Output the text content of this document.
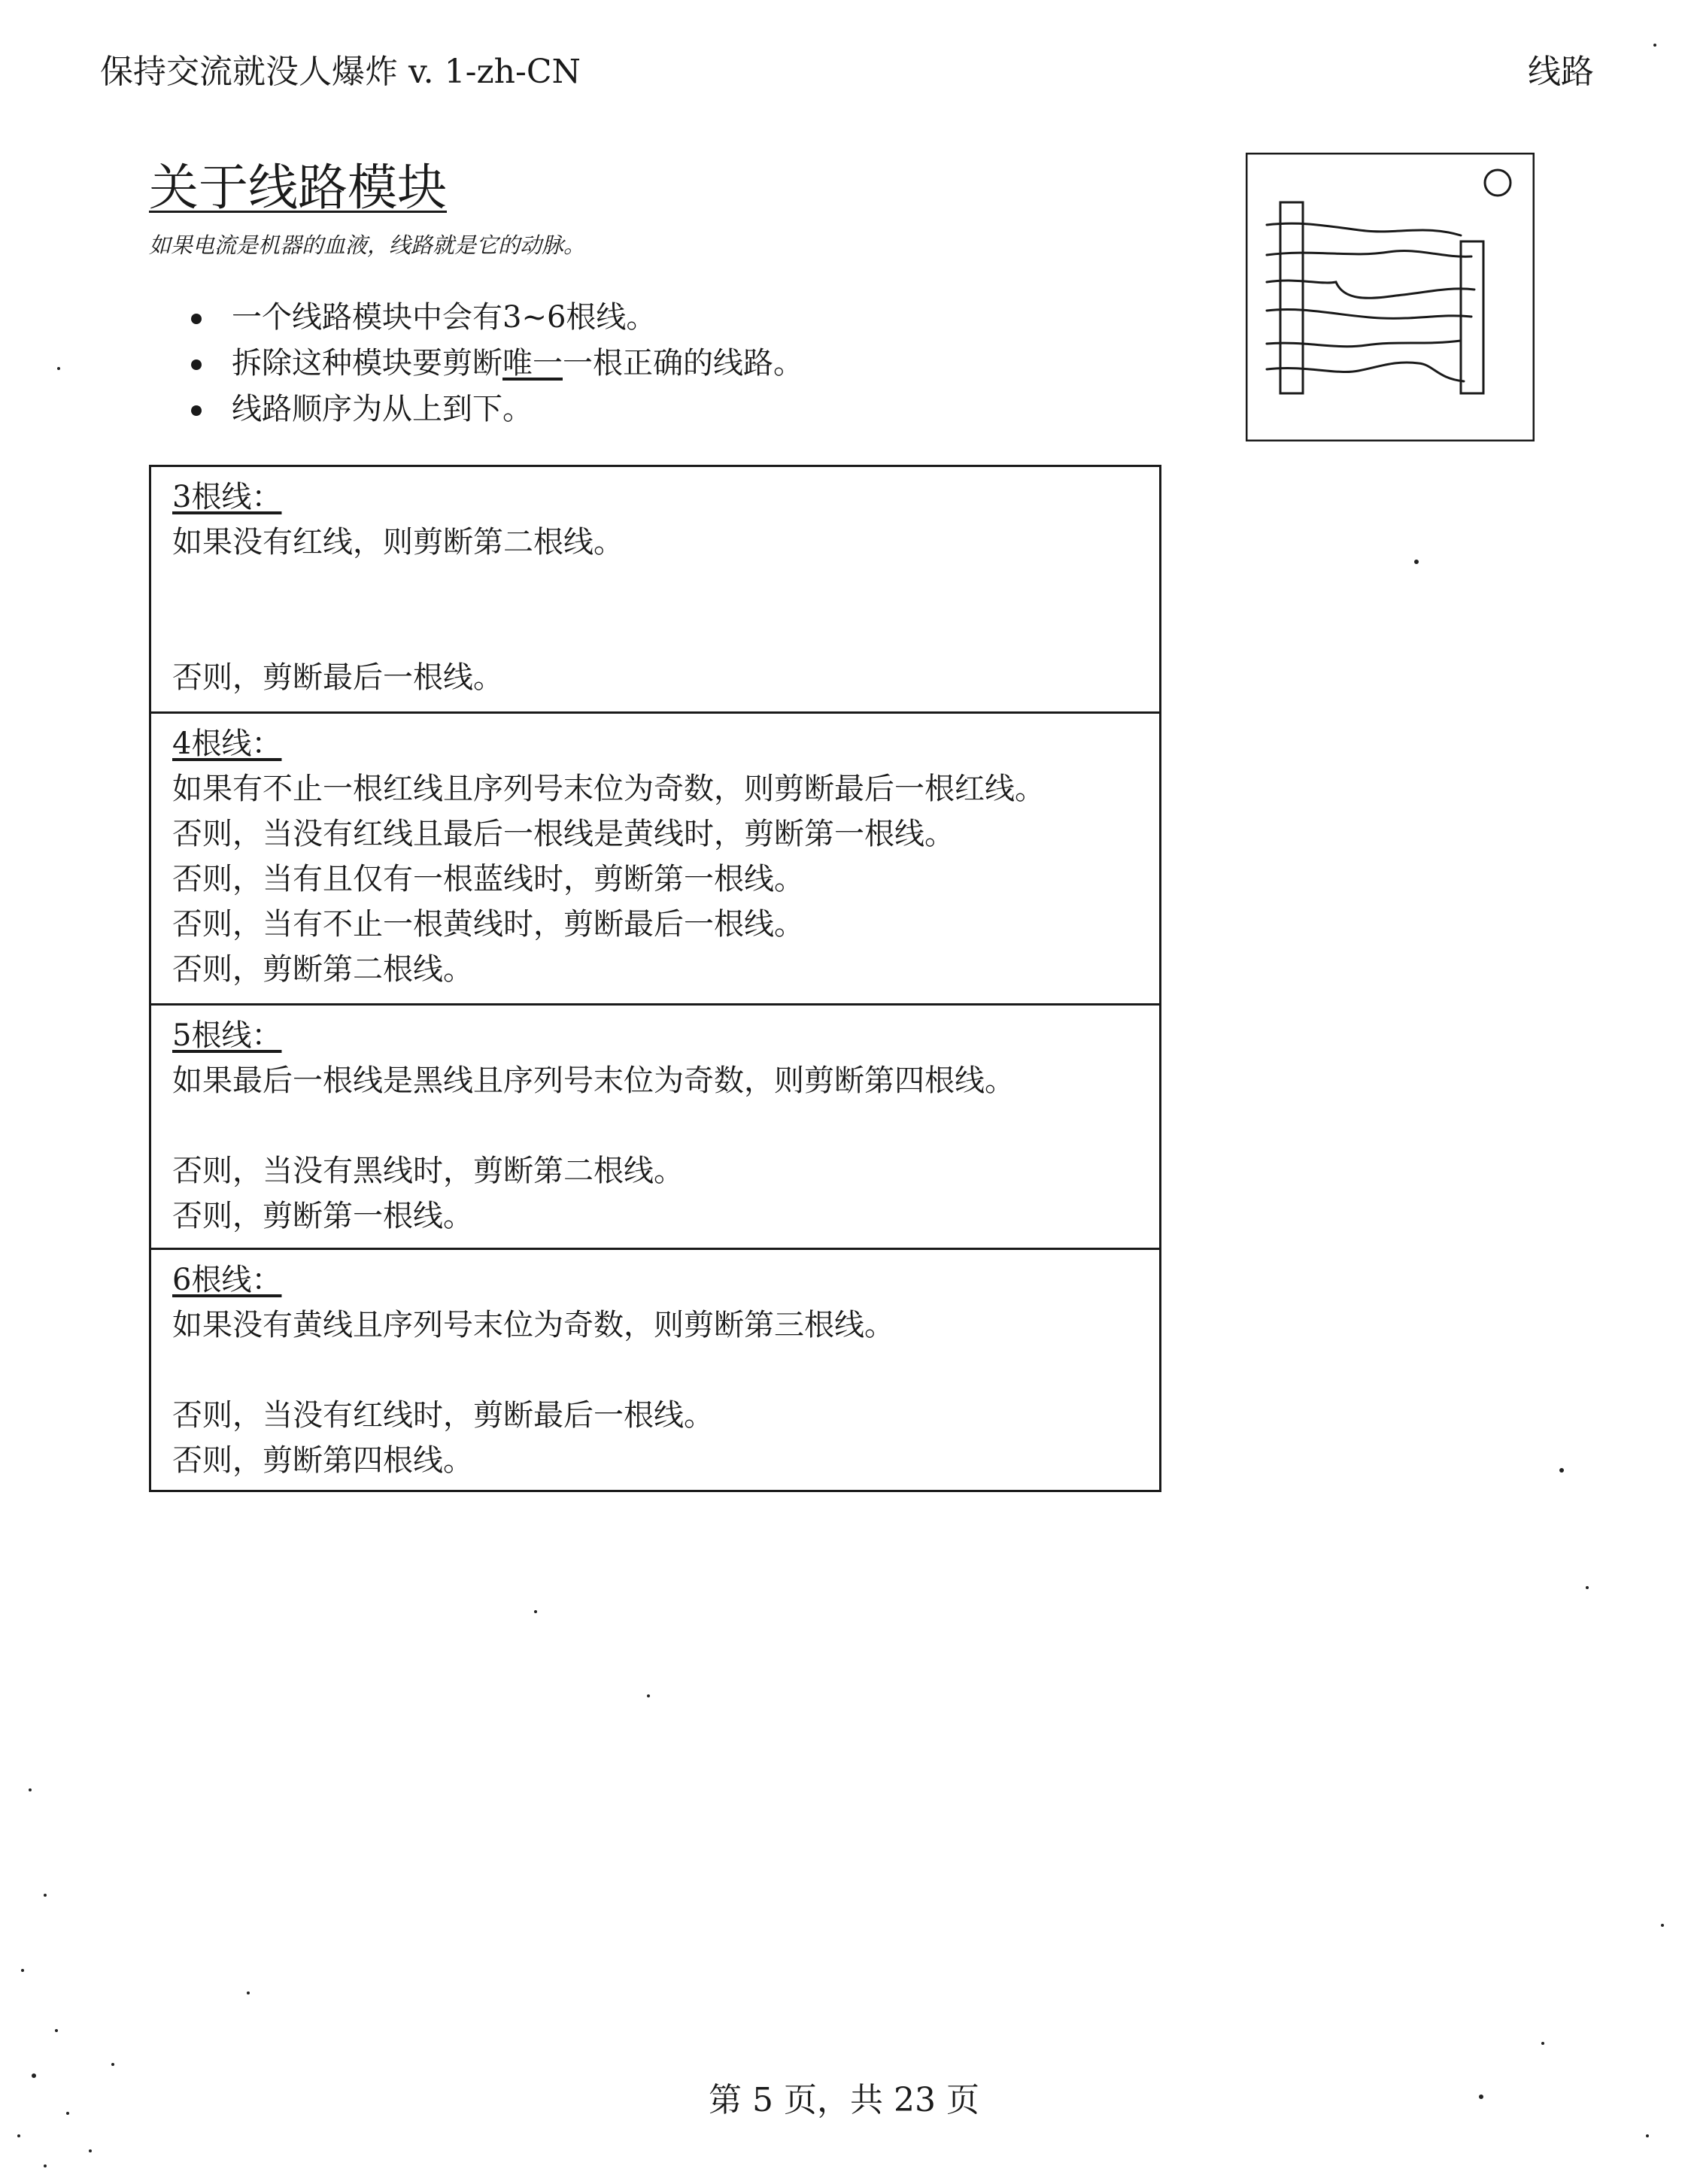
保持交流就没人爆炸 v. 1-zh-CN	线路
关于线路模块
如果电流是机器的血液，线路就是它的动脉。
一个线路模块中会有3~6根线。
拆除这种模块要剪断唯一一根正确的线路。
线路顺序为从上到下。
3根线：
如果没有红线，则剪断第二根线。
否则，剪断最后一根线。
4根线：
如果有不止一根红线且序列号末位为奇数，则剪断最后一根红线。
否则，当没有红线且最后一根线是黄线时，剪断第一根线。
否则，当有且仅有一根蓝线时，剪断第一根线。
否则，当有不止一根黄线时，剪断最后一根线。
否则，剪断第二根线。
5根线：
如果最后一根线是黑线且序列号末位为奇数，则剪断第四根线。
否则，当没有黑线时，剪断第二根线。
否则，剪断第一根线。
6根线：
如果没有黄线且序列号末位为奇数，则剪断第三根线。
否则，当没有红线时，剪断最后一根线。
否则，剪断第四根线。
第 5 页，共 23 页
